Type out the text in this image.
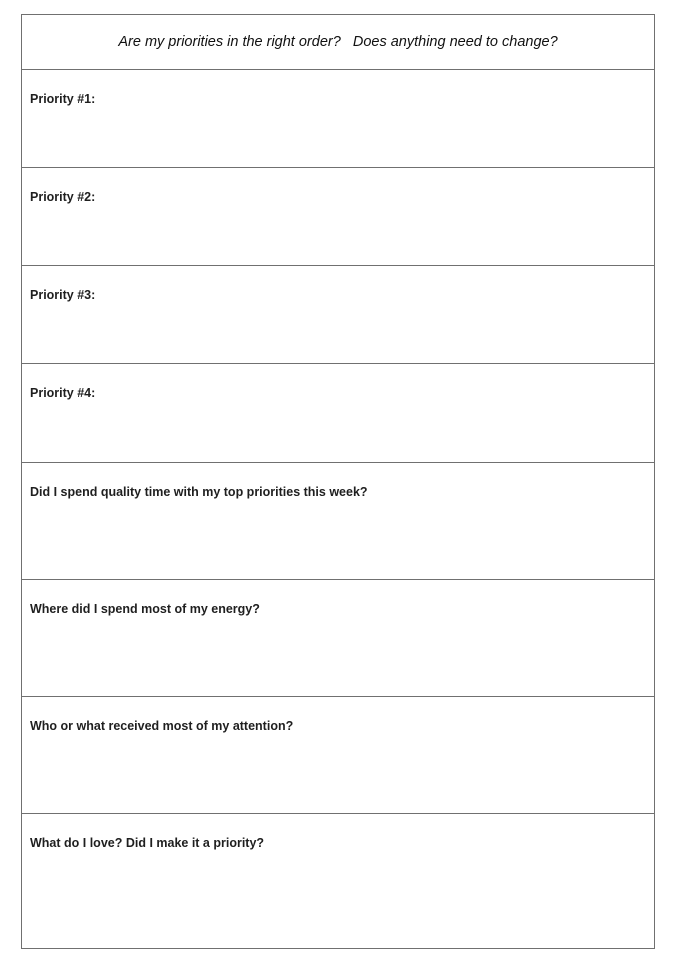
Are my priorities in the right order?   Does anything need to change?
Priority #1:
Priority #2:
Priority #3:
Priority #4:
Did I spend quality time with my top priorities this week?
Where did I spend most of my energy?
Who or what received most of my attention?
What do I love? Did I make it a priority?
